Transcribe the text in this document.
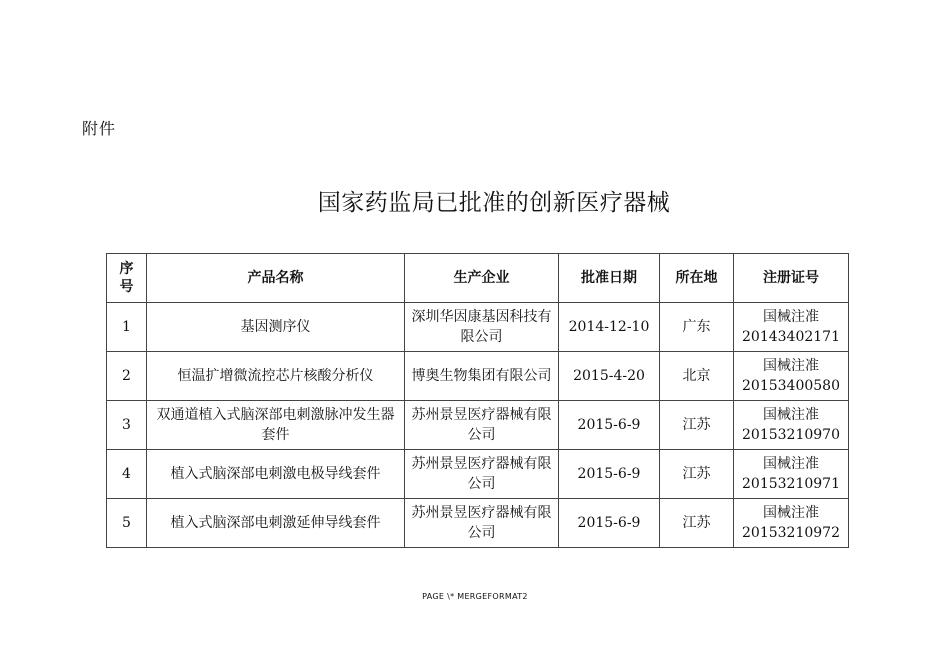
附件
国家药监局已批准的创新医疗器械
序号	产品名称	生产企业	批准日期	所在地	注册证号
1	基因测序仪	深圳华因康基因科技有限公司	2014-12-10	广东	国械注准20143402171
2	恒温扩增微流控芯片核酸分析仪	博奥生物集团有限公司	2015-4-20	北京	国械注准20153400580
3	双通道植入式脑深部电刺激脉冲发生器套件	苏州景昱医疗器械有限公司	2015-6-9	江苏	国械注准20153210970
4	植入式脑深部电刺激电极导线套件	苏州景昱医疗器械有限公司	2015-6-9	江苏	国械注准20153210971
5	植入式脑深部电刺激延伸导线套件	苏州景昱医疗器械有限公司	2015-6-9	江苏	国械注准20153210972
PAGE \* MERGEFORMAT2
